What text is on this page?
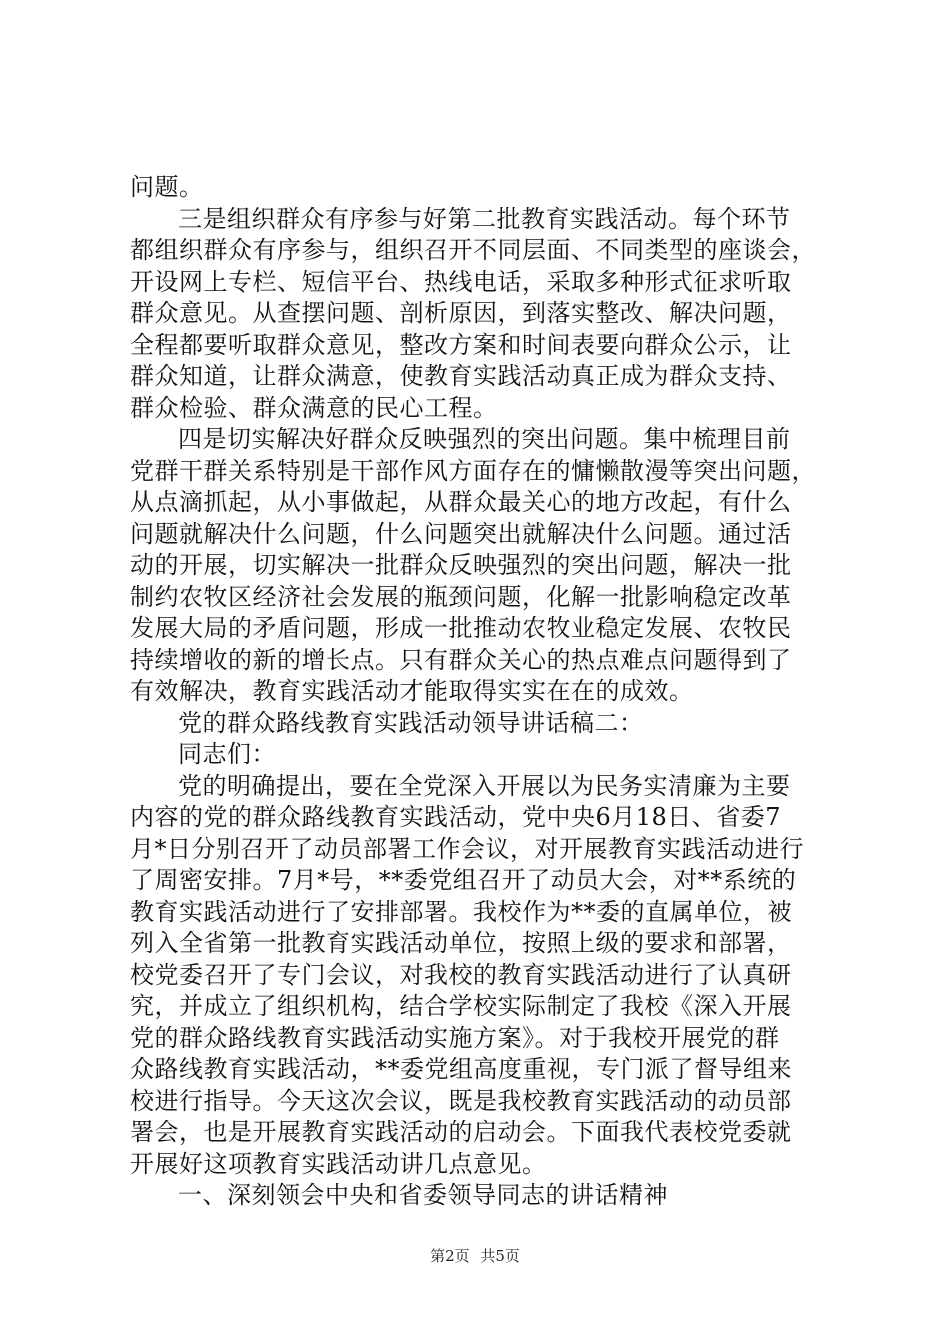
问题。
三是组织群众有序参与好第二批教育实践活动。每个环节
都组织群众有序参与，组织召开不同层面、不同类型的座谈会，
开设网上专栏、短信平台、热线电话，采取多种形式征求听取
群众意见。从查摆问题、剖析原因，到落实整改、解决问题，
全程都要听取群众意见，整改方案和时间表要向群众公示，让
群众知道，让群众满意，使教育实践活动真正成为群众支持、
群众检验、群众满意的民心工程。
四是切实解决好群众反映强烈的突出问题。集中梳理目前
党群干群关系特别是干部作风方面存在的慵懒散漫等突出问题，
从点滴抓起，从小事做起，从群众最关心的地方改起，有什么
问题就解决什么问题，什么问题突出就解决什么问题。通过活
动的开展，切实解决一批群众反映强烈的突出问题，解决一批
制约农牧区经济社会发展的瓶颈问题，化解一批影响稳定改革
发展大局的矛盾问题，形成一批推动农牧业稳定发展、农牧民
持续增收的新的增长点。只有群众关心的热点难点问题得到了
有效解决，教育实践活动才能取得实实在在的成效。
党的群众路线教育实践活动领导讲话稿二：
同志们：
党的明确提出，要在全党深入开展以为民务实清廉为主要
内容的党的群众路线教育实践活动，党中央6月18日、省委7
月*日分别召开了动员部署工作会议，对开展教育实践活动进行
了周密安排。7月*号，**委党组召开了动员大会，对**系统的
教育实践活动进行了安排部署。我校作为**委的直属单位，被
列入全省第一批教育实践活动单位，按照上级的要求和部署，
校党委召开了专门会议，对我校的教育实践活动进行了认真研
究，并成立了组织机构，结合学校实际制定了我校《深入开展
党的群众路线教育实践活动实施方案》。对于我校开展党的群
众路线教育实践活动，**委党组高度重视，专门派了督导组来
校进行指导。今天这次会议，既是我校教育实践活动的动员部
署会，也是开展教育实践活动的启动会。下面我代表校党委就
开展好这项教育实践活动讲几点意见。
一、深刻领会中央和省委领导同志的讲话精神
第2页 共5页
